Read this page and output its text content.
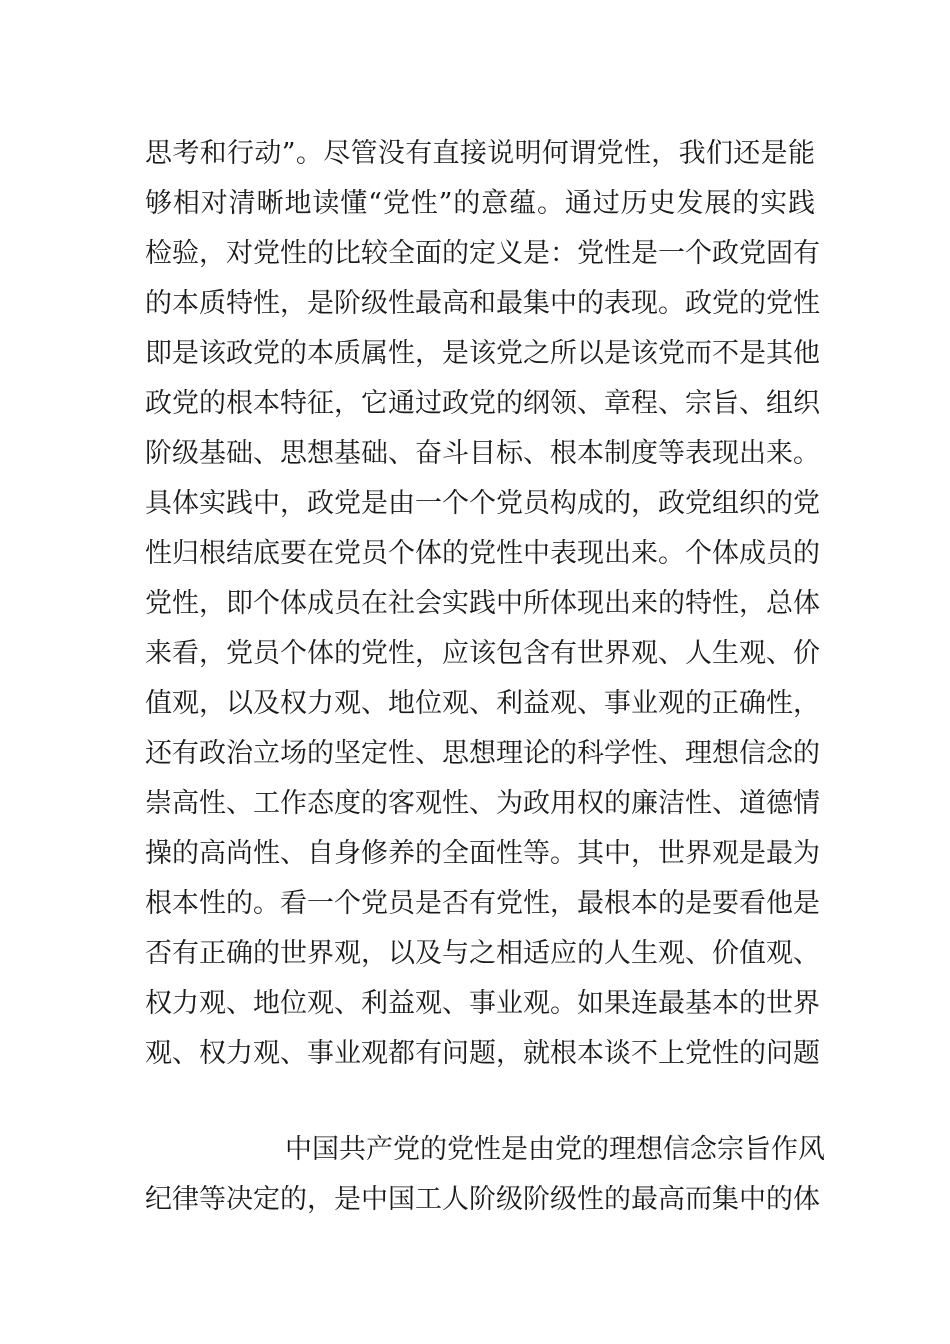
思考和行动”。尽管没有直接说明何谓党性，我们还是能
够相对清晰地读懂“党性”的意蕴。通过历史发展的实践
检验，对党性的比较全面的定义是：党性是一个政党固有
的本质特性，是阶级性最高和最集中的表现。政党的党性
即是该政党的本质属性，是该党之所以是该党而不是其他
政党的根本特征，它通过政党的纲领、章程、宗旨、组织
阶级基础、思想基础、奋斗目标、根本制度等表现出来。
具体实践中，政党是由一个个党员构成的，政党组织的党
性归根结底要在党员个体的党性中表现出来。个体成员的
党性，即个体成员在社会实践中所体现出来的特性，总体
来看，党员个体的党性，应该包含有世界观、人生观、价
值观，以及权力观、地位观、利益观、事业观的正确性，
还有政治立场的坚定性、思想理论的科学性、理想信念的
崇高性、工作态度的客观性、为政用权的廉洁性、道德情
操的高尚性、自身修养的全面性等。其中，世界观是最为
根本性的。看一个党员是否有党性，最根本的是要看他是
否有正确的世界观，以及与之相适应的人生观、价值观、
权力观、地位观、利益观、事业观。如果连最基本的世界
观、权力观、事业观都有问题，就根本谈不上党性的问题
中国共产党的党性是由党的理想信念宗旨作风
纪律等决定的，是中国工人阶级阶级性的最高而集中的体
